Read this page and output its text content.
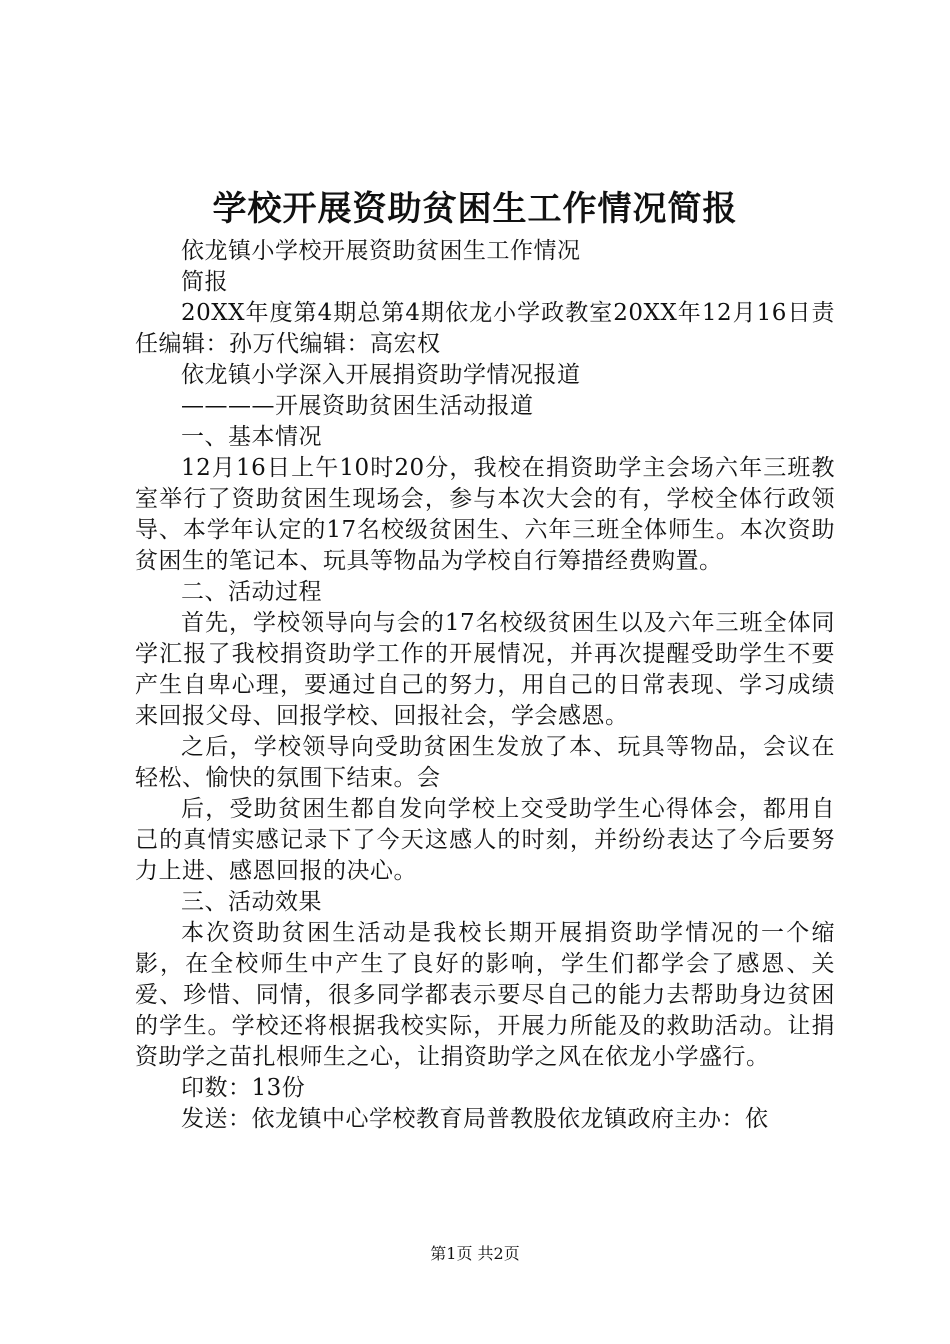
学校开展资助贫困生工作情况简报

依龙镇小学校开展资助贫困生工作情况

简报

20XX年度第4期总第4期依龙小学政教室20XX年12月16日责任编辑：孙万代编辑：高宏权

依龙镇小学深入开展捐资助学情况报道

————开展资助贫困生活动报道

一、基本情况

12月16日上午10时20分，我校在捐资助学主会场六年三班教室举行了资助贫困生现场会，参与本次大会的有，学校全体行政领导、本学年认定的17名校级贫困生、六年三班全体师生。本次资助贫困生的笔记本、玩具等物品为学校自行筹措经费购置。

二、活动过程

首先，学校领导向与会的17名校级贫困生以及六年三班全体同学汇报了我校捐资助学工作的开展情况，并再次提醒受助学生不要产生自卑心理，要通过自己的努力，用自己的日常表现、学习成绩来回报父母、回报学校、回报社会，学会感恩。

之后，学校领导向受助贫困生发放了本、玩具等物品，会议在轻松、愉快的氛围下结束。会

后，受助贫困生都自发向学校上交受助学生心得体会，都用自己的真情实感记录下了今天这感人的时刻，并纷纷表达了今后要努力上进、感恩回报的决心。

三、活动效果

本次资助贫困生活动是我校长期开展捐资助学情况的一个缩影，在全校师生中产生了良好的影响，学生们都学会了感恩、关爱、珍惜、同情，很多同学都表示要尽自己的能力去帮助身边贫困的学生。学校还将根据我校实际，开展力所能及的救助活动。让捐资助学之苗扎根师生之心，让捐资助学之风在依龙小学盛行。

印数：13份

发送：依龙镇中心学校教育局普教股依龙镇政府主办：依

第1页 共2页
